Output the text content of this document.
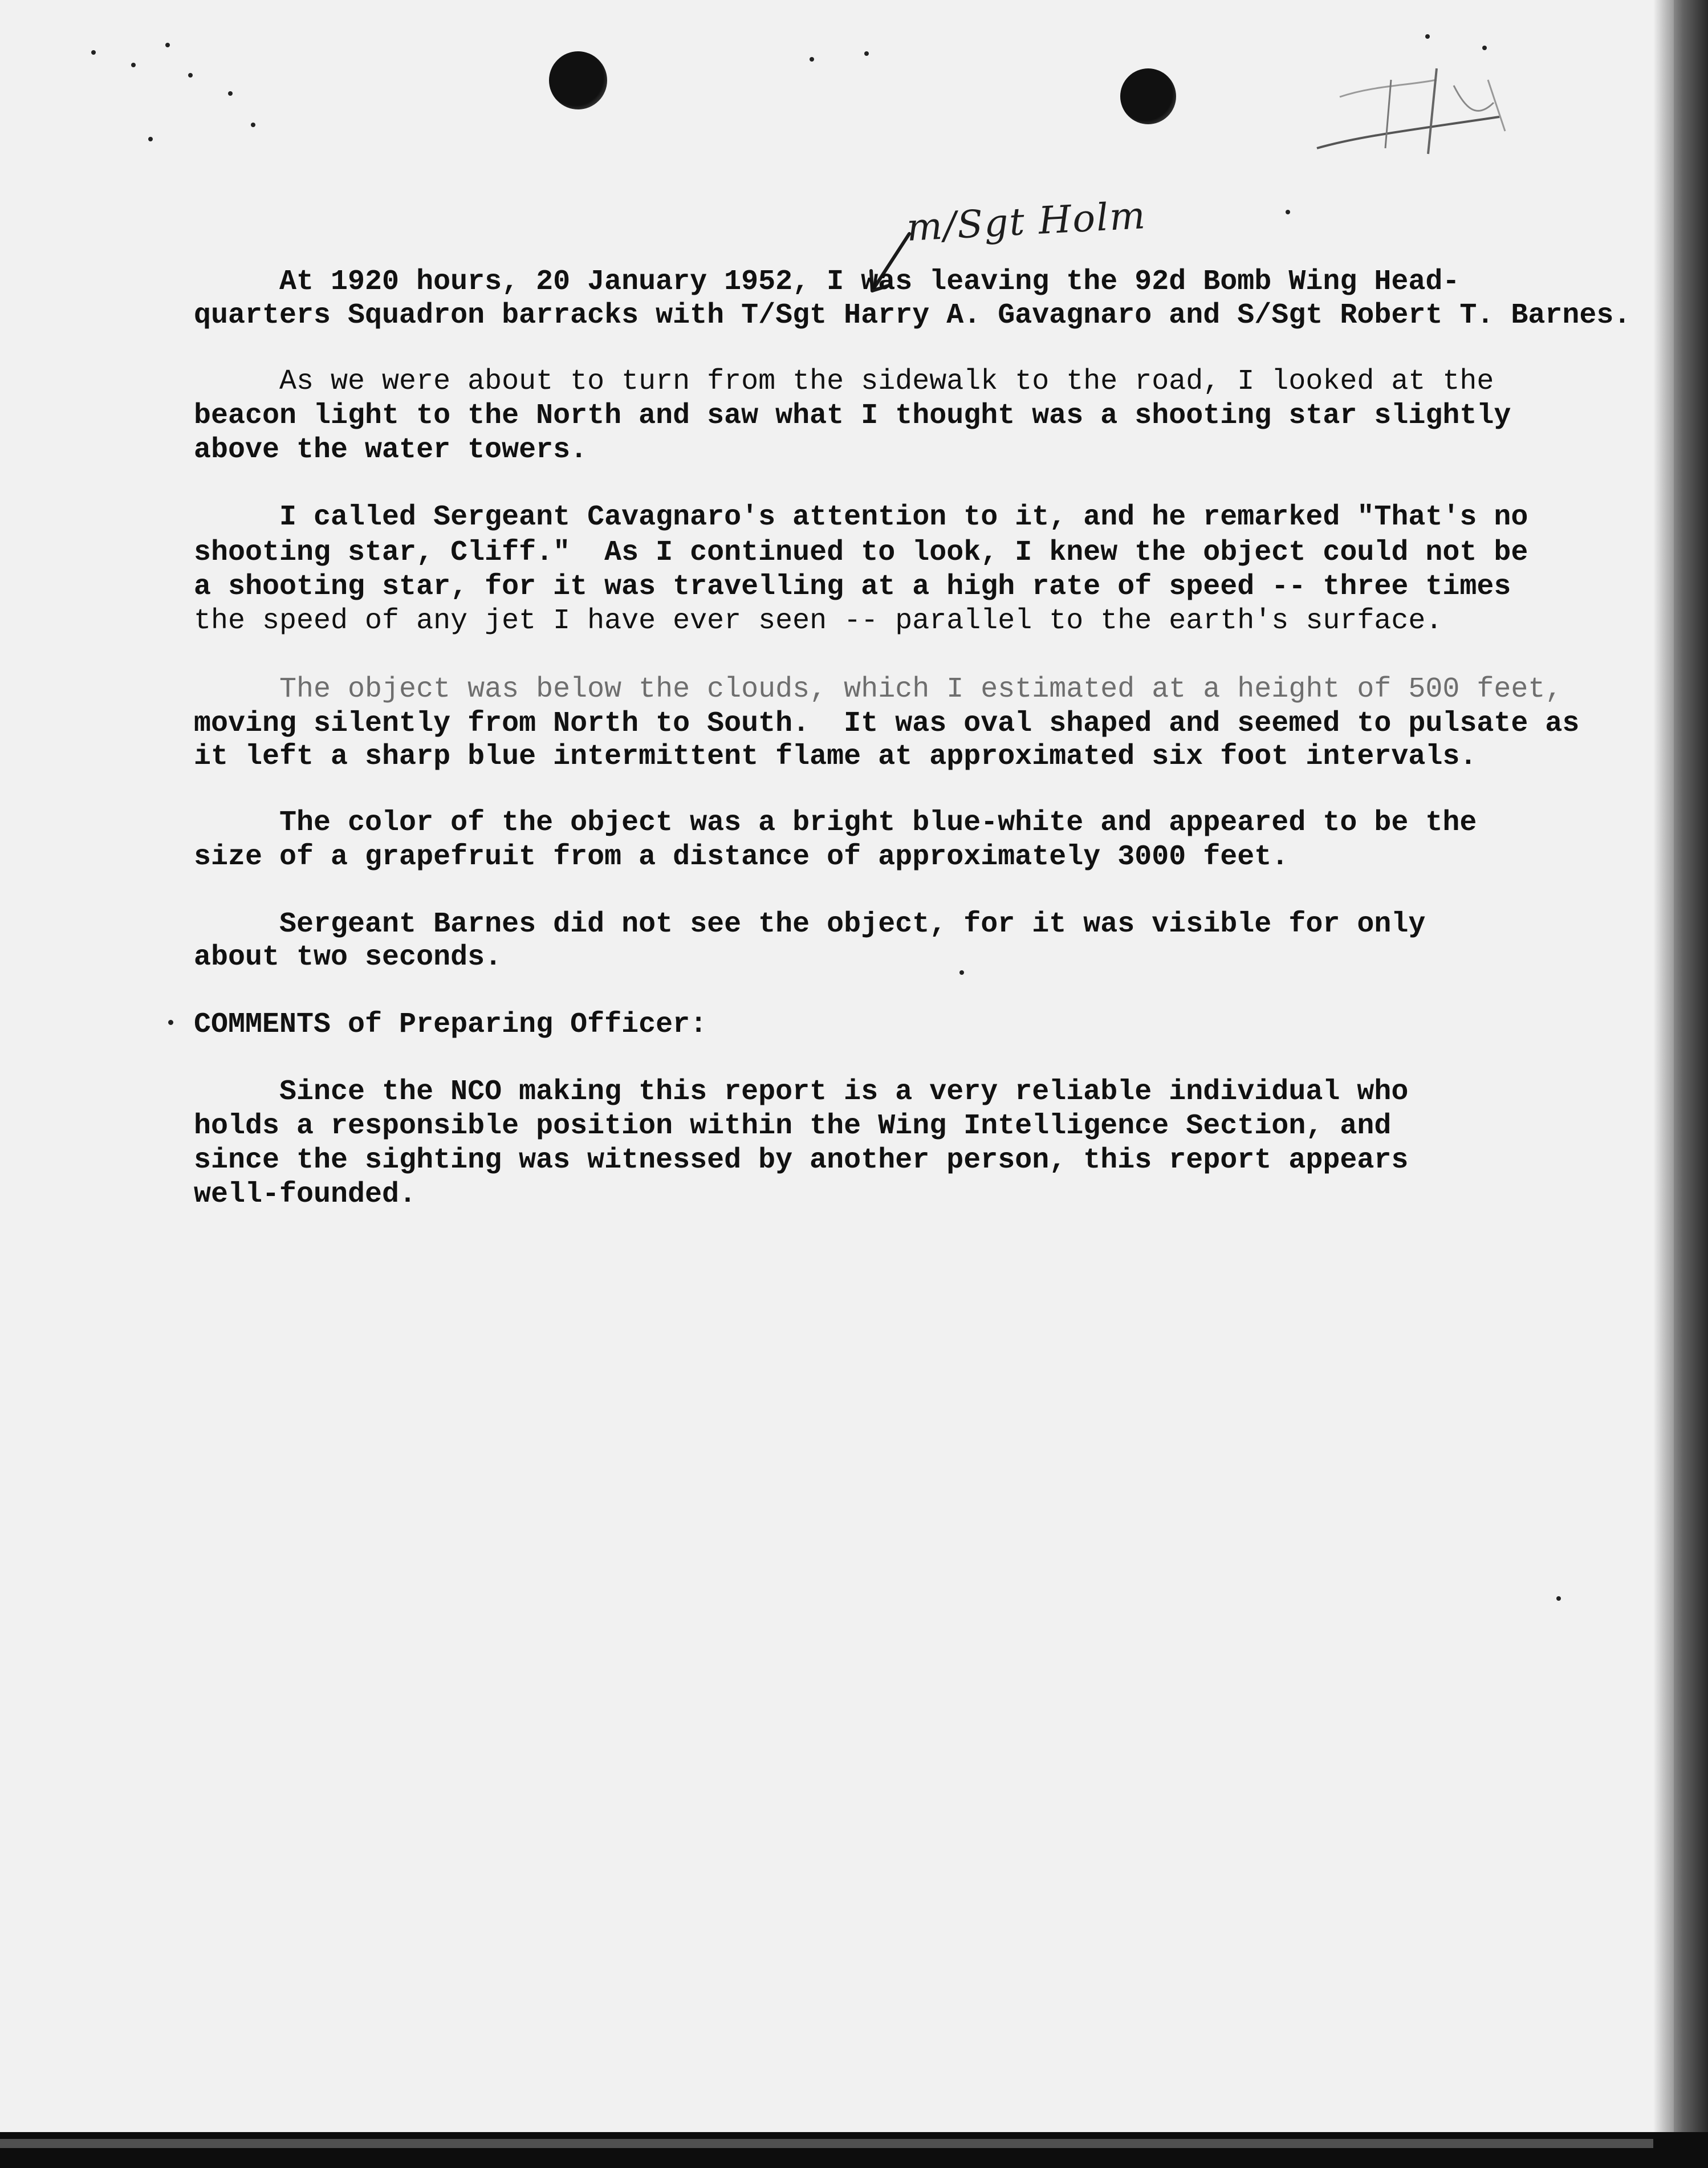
m/Sgt Holm
At 1920 hours, 20 January 1952, I was leaving the 92d Bomb Wing Head-
quarters Squadron barracks with T/Sgt Harry A. Gavagnaro and S/Sgt Robert T. Barnes.
As we were about to turn from the sidewalk to the road, I looked at the
beacon light to the North and saw what I thought was a shooting star slightly
above the water towers.
I called Sergeant Cavagnaro's attention to it, and he remarked "That's no
shooting star, Cliff."  As I continued to look, I knew the object could not be
a shooting star, for it was travelling at a high rate of speed -- three times
the speed of any jet I have ever seen -- parallel to the earth's surface.
The object was below the clouds, which I estimated at a height of 500 feet,
moving silently from North to South.  It was oval shaped and seemed to pulsate as
it left a sharp blue intermittent flame at approximated six foot intervals.
The color of the object was a bright blue-white and appeared to be the
size of a grapefruit from a distance of approximately 3000 feet.
Sergeant Barnes did not see the object, for it was visible for only
about two seconds.
COMMENTS of Preparing Officer:
Since the NCO making this report is a very reliable individual who
holds a responsible position within the Wing Intelligence Section, and
since the sighting was witnessed by another person, this report appears
well-founded.
